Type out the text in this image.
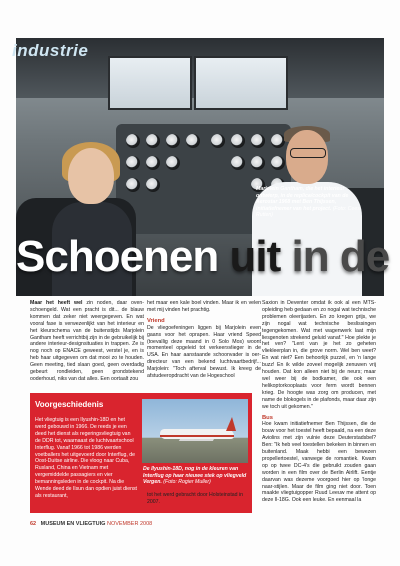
industrie
Marjolein Gantham, die het interieur ontwierp, in de replica/cockpit van de Aerostar 1968 met Ben Thijssen, initiatiefnemer van het project. (Foto: Cees Rutten)
Schoenen uit in de

Maar het heeft wel zin noden, daar oven-schoengeld. Wat een pracht is dit... de blauw kommen dat zeker niet weergegeven. En wat vooral fase is verwezenlijkt van het interieur en het kleurschema van de buitenstijds Marjolein Gantham heeft verrichtbij zijn in de gebruikelijk bij andere interieur-designsituaties in trappen. Ze is nog noch op ENACE geweest, verstel je, en is heb haar uitgegeven om dat mooi zo te houden. Geen meeting, tied slaan goed, geen overdadig gebeurt rondleiden, geen grondstekend ooderhoud, niks van dat alles. Een oortaalt zou

het maar een kale boel vinden. Maar ik en velen met mij vinden het prachtig.

Vriend

De vliegoefeningen liggen bij Marjolein even gaans voor het oprapen. Haar vriend Speed (toevallig deze maand in 0 Solo Mos) woont momenteel opgeleid tot verkeersvlieger in de USA. En haar aanstaande schoonvader is oer-directeur van een bekend luchtvaartbedrijf... Marjolein: "Toch afterval bewust. Ik kreeg de afstudeeropdracht van de Hogeschool

Saxion in Deventer omdat ik ook al een MTS-opleiding heb gedaan en zo nogal wat technische problemen oleerijasten. En zo kregen grijs, we zijn nogal wat technische beslissingen tegengekomen. Wat met wagenwerk laat mijn liesgenoten strekend geluid vanaf." Hoe plekte je het ven? "Lent van je het zo geheten vliekleerplan in, die grove norm. Wel ben weet? En wat niet? Een behoorlijk puzzel, en 'n lange buzz! En ik wilde zoveel mogelijk zenuwen vrij houden. Dat kon alleen niet bij de neurs; maar wel weer bij de bodkamer, die ook een helikoptorkooplaats voor ferm wordt bennen krieg. De hoogte was zorg om producen, met name de blokogels in de plafonds, maar daar zijn we toch uit gekomen."

Bus

Hoe kwam initiatiefnemer Ben Thijssen, die de bouw voor het toestel heeft bepaald, na een deze Aviolins met zijn vulnie deze Deuterstadsbel? Ben: "Ik heb veel toestellen bekeken in binnen en buitenland. Maak hebbi een bewezen propellertoestel, vanwege de romantiek. Kwam op op twee DC-4's die gebruikt zouden gaan worden in een film over de Berlin Airlift. Eentje daarvan was dezeme voorgoed hier op 'longe naar-stijlen. Maar de film ging niet door. Toen maakte vliegtuigopper Ruud Leeuw me attent op deze Il-18G. Ook een leuke. En eenmaal la

Voorgeschiedenis
Het vliegtuig is een Ilyushin-18D en het werd gebouwd in 1966. De reeds je een deed het dienst als regeringsvliegtuig van de DDR tot, waarnaast de luchtvaartschool Interflug. Vanaf 1966 tot 1986 werden voetballers het uitgevoerd door Interflug, de Oost-Duitse airline. Die vloog naar Cuba, Rusland, China en Vietnam met vergemiddelde passagiers en vier bemanningsleden in de cockpit. Na die Wende deed de Ilsun dan opdien juist dienst als restaurant,
De Ilyushin-18D, nog in de kleuren van Interflug op haar nieuwe stek op vliegveld Vergen. (Foto: Rogier Muller)
tot het werd gebracht door Holsteinstad in 2007.
62 MUSEUM EN VLIEGTUIG NOVEMBER 2008
